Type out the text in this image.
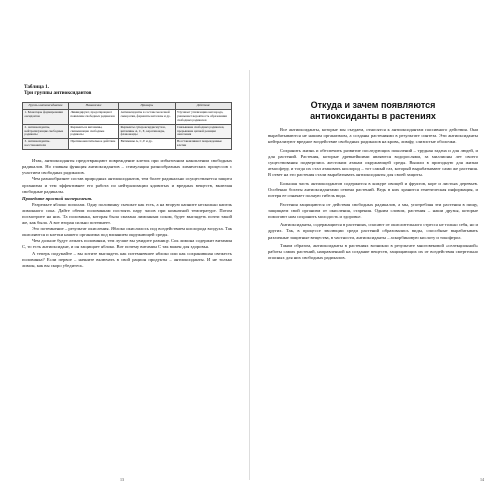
Таблица 1.
Три группы антиоксидантов
Группы антиоксидантов	Назначение	Примеры	Действие
1. Блокаторы формирования оксидантов	Ликвидируют, предотвращают появление свободных радикалов	Антиоксиданты в составе молочной сыворотки, ферменты каталазы и др.	Улучшает утилизацию кислорода, уменьшает вероятность образования свободных радикалов
2. Антиоксиданты, нейтрализующие свободные радикалы	Ферменты и витамины, связывающие свободные радикалы	Ферменты супероксиддисмутаза, витамины A, C, E, каротиноиды, флавоноиды	Связывание свободных радикалов, прерывание цепной реакции окисления
3. Антиоксиданты-восстановители	Противоокислительное действие	Витамины A, C, E и др.	Восстанавливают поврежденные клетки

Итак, антиоксиданты предотвращают повреждение клеток при избыточном накоплении свободных радикалов. Но главная функция антиоксидантов – стимуляция разнообразных химических процессов с участием свободных радикалов.

Чем разнообразнее состав природных антиоксидантов, тем более радикально осуществляется защита организма и тем эффективнее его работа по нейтрализации ядовитых и вредных веществ, включая свободные радикалы.

Проведите простой эксперимент.

Разрежьте яблоко пополам. Одну половинку съешьте как есть, а на вторую капните несколько капель лимонного сока. Дайте обеим половинкам постоять пару часов при комнатной температуре. Потом посмотрите на них. Та половинка, которая была смазана лимонным соком, будет выглядеть почти такой же, как была. А вот вторая сильно потемнеет.

Это потемнение – результат окисления. Яблоко окислилось под воздействием кислорода воздуха. Так окисляются и клетки нашего организма под влиянием окружающей среды.

Чем дольше будут лежать половинки, тем лучше вы увидите разницу. Сок лимона содержит витамин C, то есть антиоксидант, и он защищает яблоко. Вот почему витамин C так важен для здоровья.

А теперь подумайте – вы хотите выглядеть как потемневшее яблоко или как сохранившая свежесть половинка? Если первое – начните включать в свой рацион продукты – антиоксиданты. И не только лимон, как вы скоро убедитесь.

13
Откуда и зачем появляются
антиоксиданты в растениях

Все антиоксиданты, которые мы съедаем, относятся к антиоксидантам пассивного действия. Они вырабатываются не нашим организмом, а созданы растениями в результате синтеза. Эти антиоксиданты нейтрализуют вредное воздействие свободных радикалов на кровь, лимфу, слизистые оболочки.

Сохранить жизнь и обеспечить развитие последующих поколений – трудная задача и для людей, и для растений. Растения, которые древнейшими являются водорослями, за миллионы лет своего существования подверглись жестоким атакам окружающей среды. Вышли в пригодную для жизни атмосферу, и тогда их стал атаковать кислород – тот самый газ, который вырабатывают сами же растения. В ответ на это растения стали вырабатывать антиоксиданты для своей защиты.

Большая часть антиоксидантов содержится в кожуре овощей и фруктов, коре и листьях деревьев. Особенно богаты антиоксидантами семена растений. Ведь в них хранится генетическая информация, и потеря ее означает полную гибель вида.

Растения защищаются от действия свободных радикалов, а мы, употребляя эти растения в пищу, защищаем свой организм от окисления, старения. Одним словом, растения – наши друзья, которые помогают нам сохранить молодость и здоровье.

Антиоксиданты, содержащиеся в растениях, спасают от окислительного стресса не только себя, но и других. Так, в процессе эволюции среди растений образовались виды, способные вырабатывать различные защитные вещества, в частности, антиоксиданты – аскорбиновую кислоту и токоферол.

Таким образом, антиоксиданты в растениях возникли в результате многовековой «селекционной» работы самих растений, направленной на создание веществ, защищающих их от воздействия смертельно опасных для них свободных радикалов.

14
